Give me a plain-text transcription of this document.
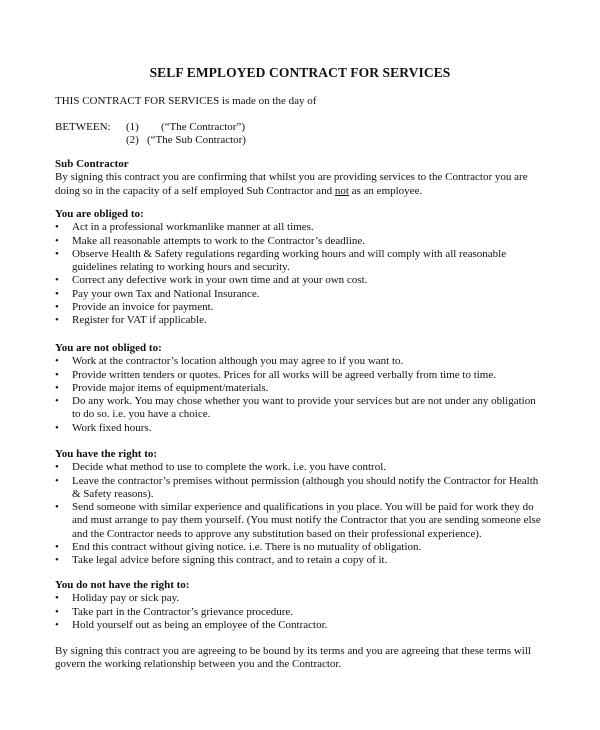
SELF EMPLOYED CONTRACT FOR SERVICES
THIS CONTRACT FOR SERVICES is made on the day of
BETWEEN: (1) (“The Contractor”)
(2) (“The Sub Contractor)
Sub Contractor

By signing this contract you are confirming that whilst you are providing services to the Contractor you are doing so in the capacity of a self employed Sub Contractor and not as an employee.

You are obliged to:
• Act in a professional workmanlike manner at all times.
• Make all reasonable attempts to work to the Contractor’s deadline.
• Observe Health & Safety regulations regarding working hours and will comply with all reasonable guidelines relating to working hours and security.
• Correct any defective work in your own time and at your own cost.
• Pay your own Tax and National Insurance.
• Provide an invoice for payment.
• Register for VAT if applicable.
You are not obliged to:
• Work at the contractor’s location although you may agree to if you want to.
• Provide written tenders or quotes. Prices for all works will be agreed verbally from time to time.
• Provide major items of equipment/materials.
• Do any work. You may chose whether you want to provide your services but are not under any obligation to do so. i.e. you have a choice.
• Work fixed hours.
You have the right to:
• Decide what method to use to complete the work. i.e. you have control.
• Leave the contractor’s premises without permission (although you should notify the Contractor for Health & Safety reasons).
• Send someone with similar experience and qualifications in you place. You will be paid for work they do and must arrange to pay them yourself. (You must notify the Contractor that you are sending someone else and the Contractor needs to approve any substitution based on their professional experience).
• End this contract without giving notice. i.e. There is no mutuality of obligation.
• Take legal advice before signing this contract, and to retain a copy of it.
You do not have the right to:
• Holiday pay or sick pay.
• Take part in the Contractor’s grievance procedure.
• Hold yourself out as being an employee of the Contractor.
By signing this contract you are agreeing to be bound by its terms and you are agreeing that these terms will govern the working relationship between you and the Contractor.
